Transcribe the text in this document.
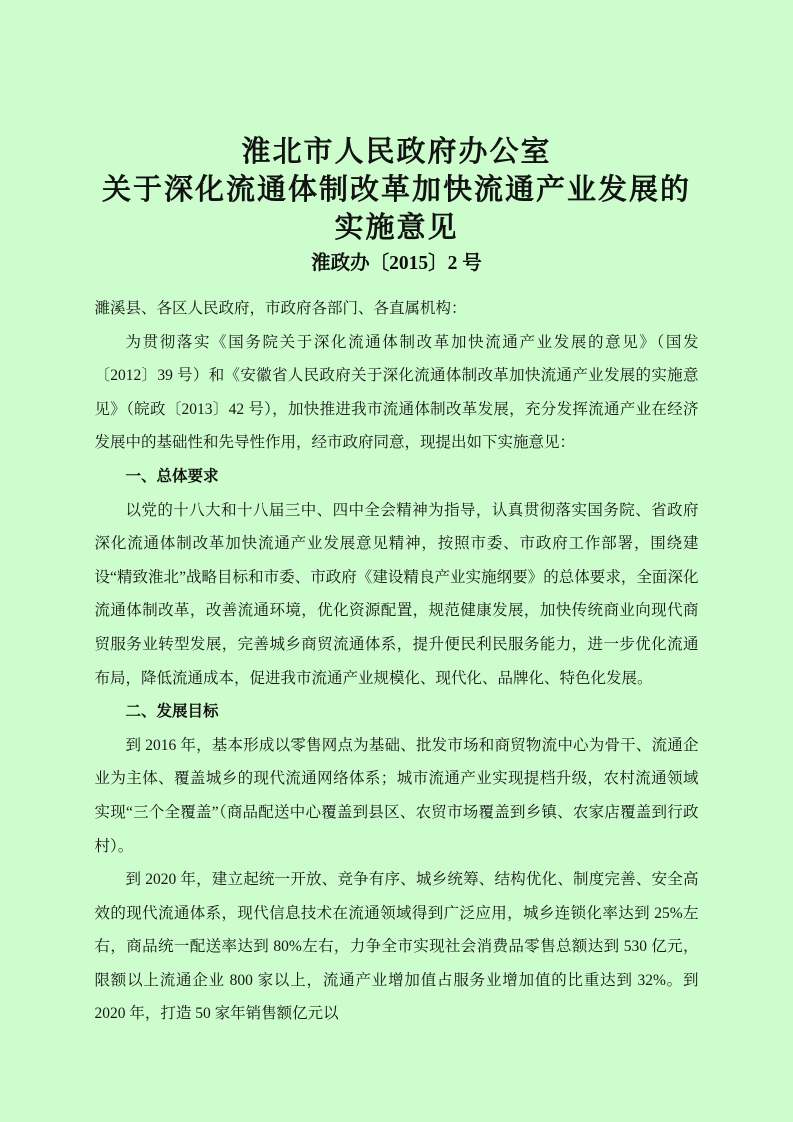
淮北市人民政府办公室
关于深化流通体制改革加快流通产业发展的
实施意见
淮政办〔2015〕2 号

濉溪县、各区人民政府，市政府各部门、各直属机构：

为贯彻落实《国务院关于深化流通体制改革加快流通产业发展的意见》（国发〔2012〕39 号）和《安徽省人民政府关于深化流通体制改革加快流通产业发展的实施意见》（皖政〔2013〕42 号），加快推进我市流通体制改革发展，充分发挥流通产业在经济发展中的基础性和先导性作用，经市政府同意，现提出如下实施意见：

一、总体要求

以党的十八大和十八届三中、四中全会精神为指导，认真贯彻落实国务院、省政府深化流通体制改革加快流通产业发展意见精神，按照市委、市政府工作部署，围绕建设“精致淮北”战略目标和市委、市政府《建设精良产业实施纲要》的总体要求，全面深化流通体制改革，改善流通环境，优化资源配置，规范健康发展，加快传统商业向现代商贸服务业转型发展，完善城乡商贸流通体系，提升便民利民服务能力，进一步优化流通布局，降低流通成本，促进我市流通产业规模化、现代化、品牌化、特色化发展。

二、发展目标

到 2016 年，基本形成以零售网点为基础、批发市场和商贸物流中心为骨干、流通企业为主体、覆盖城乡的现代流通网络体系；城市流通产业实现提档升级，农村流通领域实现“三个全覆盖”（商品配送中心覆盖到县区、农贸市场覆盖到乡镇、农家店覆盖到行政村）。

到 2020 年，建立起统一开放、竞争有序、城乡统筹、结构优化、制度完善、安全高效的现代流通体系，现代信息技术在流通领域得到广泛应用，城乡连锁化率达到 25%左右，商品统一配送率达到 80%左右，力争全市实现社会消费品零售总额达到 530 亿元，限额以上流通企业 800 家以上，流通产业增加值占服务业增加值的比重达到 32%。到 2020 年，打造 50 家年销售额亿元以
